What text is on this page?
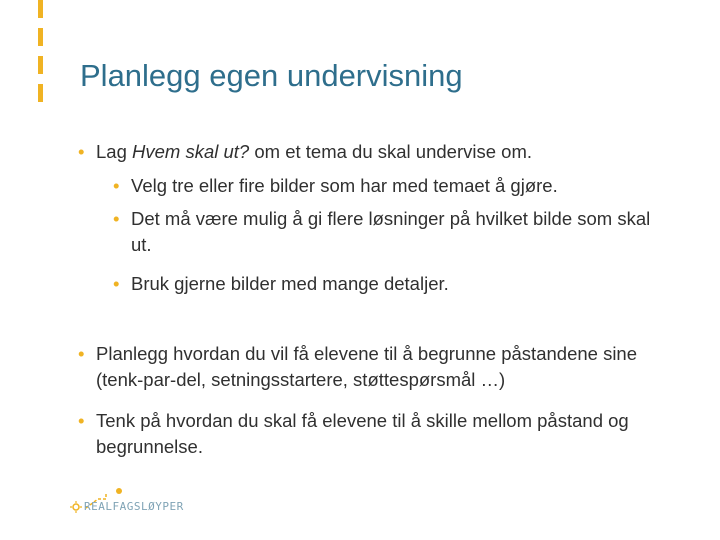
Planlegg egen undervisning
• Lag Hvem skal ut? om et tema du skal undervise om.
• Velg tre eller fire bilder som har med temaet å gjøre.
• Det må være mulig å gi flere løsninger på hvilket bilde som skal ut.
• Bruk gjerne bilder med mange detaljer.
• Planlegg hvordan du vil få elevene til å begrunne påstandene sine (tenk-par-del, setningsstartere, støttespørsmål …)
• Tenk på hvordan du skal få elevene til å skille mellom påstand og begrunnelse.
REALFAGSLØYPER
